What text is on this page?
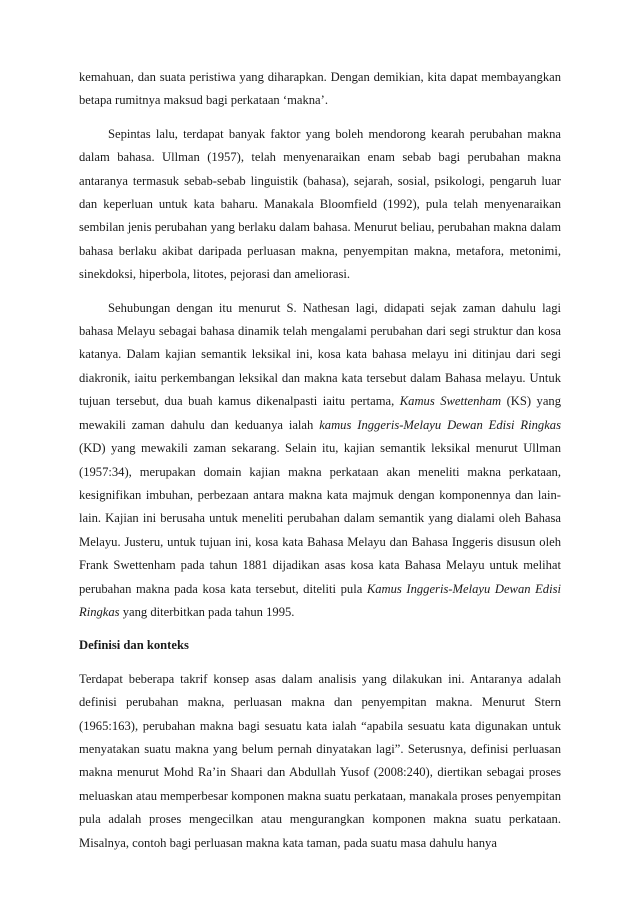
kemahuan, dan suata peristiwa yang diharapkan. Dengan demikian, kita dapat membayangkan betapa rumitnya maksud bagi perkataan ‘makna’.

Sepintas lalu, terdapat banyak faktor yang boleh mendorong kearah perubahan makna dalam bahasa. Ullman (1957), telah menyenaraikan enam sebab bagi perubahan makna antaranya termasuk sebab-sebab linguistik (bahasa), sejarah, sosial, psikologi, pengaruh luar dan keperluan untuk kata baharu. Manakala Bloomfield (1992), pula telah menyenaraikan sembilan jenis perubahan yang berlaku dalam bahasa. Menurut beliau, perubahan makna dalam bahasa berlaku akibat daripada perluasan makna, penyempitan makna, metafora, metonimi, sinekdoksi, hiperbola, litotes, pejorasi dan ameliorasi.

Sehubungan dengan itu menurut S. Nathesan lagi, didapati sejak zaman dahulu lagi bahasa Melayu sebagai bahasa dinamik telah mengalami perubahan dari segi struktur dan kosa katanya. Dalam kajian semantik leksikal ini, kosa kata bahasa melayu ini ditinjau dari segi diakronik, iaitu perkembangan leksikal dan makna kata tersebut dalam Bahasa melayu. Untuk tujuan tersebut, dua buah kamus dikenalpasti iaitu pertama, Kamus Swettenham (KS) yang mewakili zaman dahulu dan keduanya ialah kamus Inggeris-Melayu Dewan Edisi Ringkas (KD) yang mewakili zaman sekarang. Selain itu, kajian semantik leksikal menurut Ullman (1957:34), merupakan domain kajian makna perkataan akan meneliti makna perkataan, kesignifikan imbuhan, perbezaan antara makna kata majmuk dengan komponennya dan lain-lain. Kajian ini berusaha untuk meneliti perubahan dalam semantik yang dialami oleh Bahasa Melayu. Justeru, untuk tujuan ini, kosa kata Bahasa Melayu dan Bahasa Inggeris disusun oleh Frank Swettenham pada tahun 1881 dijadikan asas kosa kata Bahasa Melayu untuk melihat perubahan makna pada kosa kata tersebut, diteliti pula Kamus Inggeris-Melayu Dewan Edisi Ringkas yang diterbitkan pada tahun 1995.

Definisi dan konteks

Terdapat beberapa takrif konsep asas dalam analisis yang dilakukan ini. Antaranya adalah definisi perubahan makna, perluasan makna dan penyempitan makna. Menurut Stern (1965:163), perubahan makna bagi sesuatu kata ialah “apabila sesuatu kata digunakan untuk menyatakan suatu makna yang belum pernah dinyatakan lagi”. Seterusnya, definisi perluasan makna menurut Mohd Ra’in Shaari dan Abdullah Yusof (2008:240), diertikan sebagai proses meluaskan atau memperbesar komponen makna suatu perkataan, manakala proses penyempitan pula adalah proses mengecilkan atau mengurangkan komponen makna suatu perkataan. Misalnya, contoh bagi perluasan makna kata taman, pada suatu masa dahulu hanya
